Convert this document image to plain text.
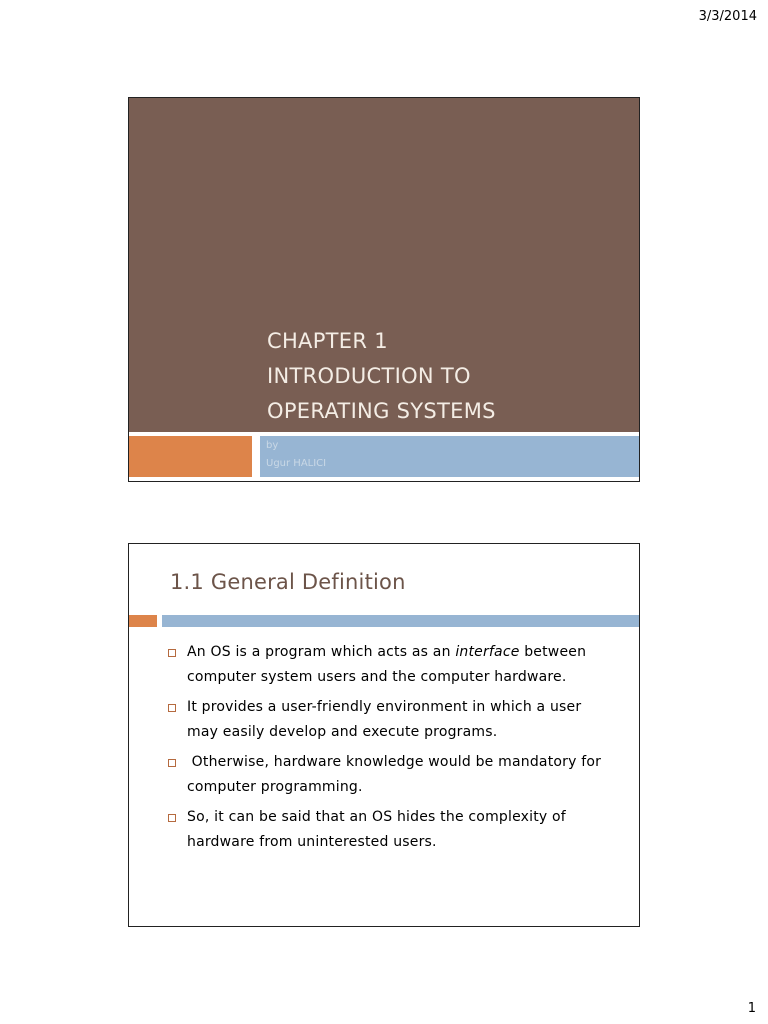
3/3/2014
CHAPTER 1
INTRODUCTION TO
OPERATING SYSTEMS
by
Ugur HALICI
1.1 General Definition
An OS is a program which acts as an interface between computer system users and the computer hardware.
It provides a user-friendly environment in which a user may easily develop and execute programs.
Otherwise, hardware knowledge would be mandatory for computer programming.
So, it can be said that an OS hides the complexity of hardware from uninterested users.
1
